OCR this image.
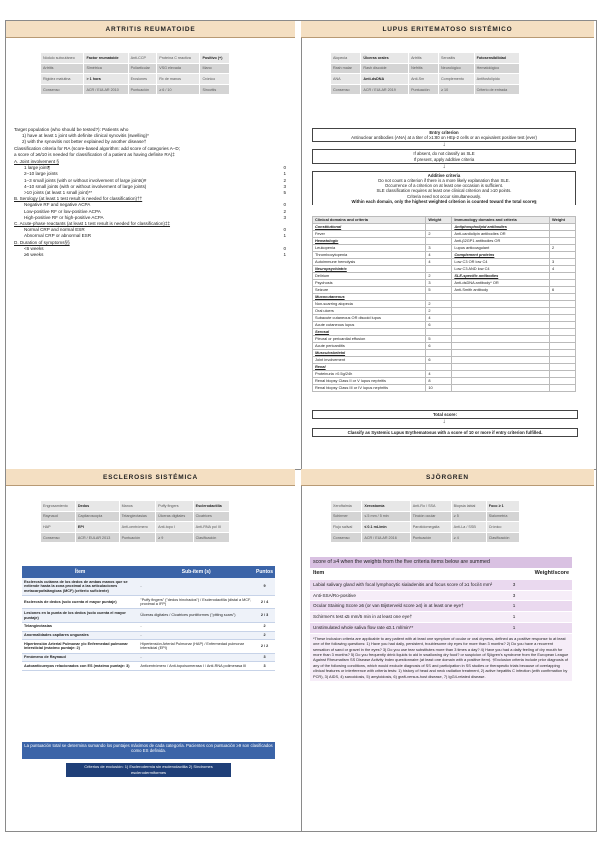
ARTRITIS REUMATOIDE	LUPUS ERITEMATOSO SISTÉMICO
ESCLEROSIS SISTÉMICA	SJÖRGREN
Nódulo subcutáneo	Factor reumatoide	Anti-CCP	Proteína C reactiva	Positivo (+)
Artritis	Simétrica	Poliarticular	VSG elevada	Mano
Rigidez matutina	> 1 hora	Erosiones	Rx de manos	Crónico
Consenso	ACR / EULAR 2010	Puntuación	≥ 6 / 10	Sinovitis
Alopecia	Úlceras orales	Artritis	Serositis	Fotosensibilidad
Rash malar	Rash discoide	Nefritis	Neurológico	Hematológico
ANA	Anti-dsDNA	Anti-Sm	Complemento	Antifosfolípido
Consenso	ACR / EULAR 2019	Puntuación	≥ 10	Criterio de entrada
Engrosamiento	Dedos	Manos	Puffy fingers	Esclerodactilia
Raynaud	Capilaroscopia	Telangiectasias	Úlceras digitales	Cicatrices
HAP	EPI	Anti-centrómero	Anti-topo I	Anti-RNA pol III
Consenso	ACR / EULAR 2013	Puntuación	≥ 9	Clasificación
Xeroftalmia	Xerostomía	Anti-Ro / SSA	Biopsia labial	Foco ≥ 1
Schirmer	≤ 5 mm / 5 min	Tinción ocular	≥ 5	Sialometría
Flujo salival	≤ 0.1 mL/min	Parotidomegalia	Anti-La / SSB	Crónico
Consenso	ACR / EULAR 2016	Puntuación	≥ 4	Clasificación
Target population (who should be tested?): Patients who
1) have at least 1 joint with definite clinical synovitis (swelling)*
2) with the synovitis not better explained by another disease†
Classification criteria for RA (score-based algorithm: add score of categories A–D;
a score of ≥6/10 is needed for classification of a patient as having definite RA)‡
A. Joint involvement §
1 large joint¶	0
2–10 large joints	1
1–3 small joints (with or without involvement of large joints)#	2
4–10 small joints (with or without involvement of large joints)	3
>10 joints (at least 1 small joint)**	5
B. Serology (at least 1 test result is needed for classification)††
Negative RF and negative ACPA	0
Low-positive RF or low-positive ACPA	2
High-positive RF or high-positive ACPA	3
C. Acute-phase reactants (at least 1 test result is needed for classification)‡‡
Normal CRP and normal ESR	0
Abnormal CRP or abnormal ESR	1
D. Duration of symptoms§§
<6 weeks	0
≥6 weeks	1
Entry criterion
Antinuclear antibodies (ANA) at a titer of ≥1:80 on HEp-2 cells or an equivalent positive test (ever)
↓
If absent, do not classify as SLE
If present, apply additive criteria
↓
Additive criteria
Do not count a criterion if there is a more likely explanation than SLE.
Occurrence of a criterion on at least one occasion is sufficient.
SLE classification requires at least one clinical criterion and ≥10 points.
Criteria need not occur simultaneously.
Within each domain, only the highest weighted criterion is counted toward the total score§
Clinical domains and criteria	Weight	Immunology domains and criteria	Weight
Constitutional		Antiphospholipid antibodies	
Fever	2	Anti-cardiolipin antibodies OR	
Hematologic		Anti-β2GP1 antibodies OR	
Leukopenia	3	Lupus anticoagulant	2
Thrombocytopenia	4	Complement proteins	
Autoimmune hemolysis	4	Low C3 OR low C4	3
Neuropsychiatric		Low C3 AND low C4	4
Delirium	2	SLE-specific antibodies	
Psychosis	3	Anti-dsDNA antibody* OR	
Seizure	5	Anti-Smith antibody	6
Mucocutaneous			
Non-scarring alopecia	2		
Oral ulcers	2		
Subacute cutaneous OR discoid lupus	4		
Acute cutaneous lupus	6		
Serosal			
Pleural or pericardial effusion	5		
Acute pericarditis	6		
Musculoskeletal			
Joint involvement	6		
Renal			
Proteinuria >0.5g/24h	4		
Renal biopsy Class II or V lupus nephritis	8		
Renal biopsy Class III or IV lupus nephritis	10		
Total score:
↓
Classify as Systemic Lupus Erythematosus with a score of 10 or more if entry criterion fulfilled.
Ítem	Sub-ítem (s)	Puntos
Esclerosis cutánea de los dedos de ambas manos que se extiende hasta la zona proximal a las articulaciones metacarpofalángicas (MCF) (criterio suficiente)	-	9
Esclerosis de dedos (solo cuenta el mayor puntaje)	"Puffy fingers" ("dedos hinchados") / Esclerodactilia (distal a MCF, proximal a IFP)	2 / 4
Lesiones en la punta de los dedos (solo cuenta el mayor puntaje)	Úlceras digitales / Cicatrices puntiformes ("pitting scars")	2 / 3
Telangiectasias	-	2
Anormalidades capilares ungueales	-	2
Hipertensión Arterial Pulmonar y/o Enfermedad pulmonar intersticial (máximo puntaje: 2)	Hipertensión Arterial Pulmonar (HAP) / Enfermedad pulmonar intersticial (EPI)	2 / 2
Fenómeno de Raynaud	-	3
Autoanticuerpos relacionados con ES (máximo puntaje: 3)	Anticentrómero / Anti-topoisomerasa I / Anti-RNA polimerasa III	3
La puntuación total se determina sumando los puntajes máximos de cada categoría. Pacientes con puntuación ≥9 son clasificados como ES definida.
Criterios de exclusión: 1) Esclerodermia sin esclerodactilia 2) Síndromes esclerodermiformes
score of ≥4 when the weights from the five criteria items below are summed
Item	Weight/score
Labial salivary gland with focal lymphocytic sialadenitis and focus score of ≥1 foci/4 mm²	3
Anti-SSA/Ro-positive	3
Ocular Staining Score ≥5 (or van Bijsterveld score ≥4) in at least one eye†	1
Schirmer's test ≤5 mm/5 min in at least one eye†	1
Unstimulated whole saliva flow rate ≤0.1 ml/min**	1
*These inclusion criteria are applicable to any patient with at least one symptom of ocular or oral dryness, defined as a positive response to at least one of the following questions: 1) Have you had daily, persistent, troublesome dry eyes for more than 3 months? 2) Do you have a recurrent sensation of sand or gravel in the eyes? 3) Do you use tear substitutes more than 3 times a day? 4) Have you had a daily feeling of dry mouth for more than 3 months? 5) Do you frequently drink liquids to aid in swallowing dry food? or suspicion of Sjögren's syndrome from the European League Against Rheumatism SS Disease Activity Index questionnaire (at least one domain with a positive item). †Exclusion criteria include prior diagnosis of any of the following conditions, which would exclude diagnosis of SS and participation in SS studies or therapeutic trials because of overlapping clinical features or interference with criteria tests: 1) history of head and neck radiation treatment, 2) active hepatitis C infection (with confirmation by PCR), 3) AIDS, 4) sarcoidosis, 5) amyloidosis, 6) graft-versus-host disease, 7) IgG4-related disease.
